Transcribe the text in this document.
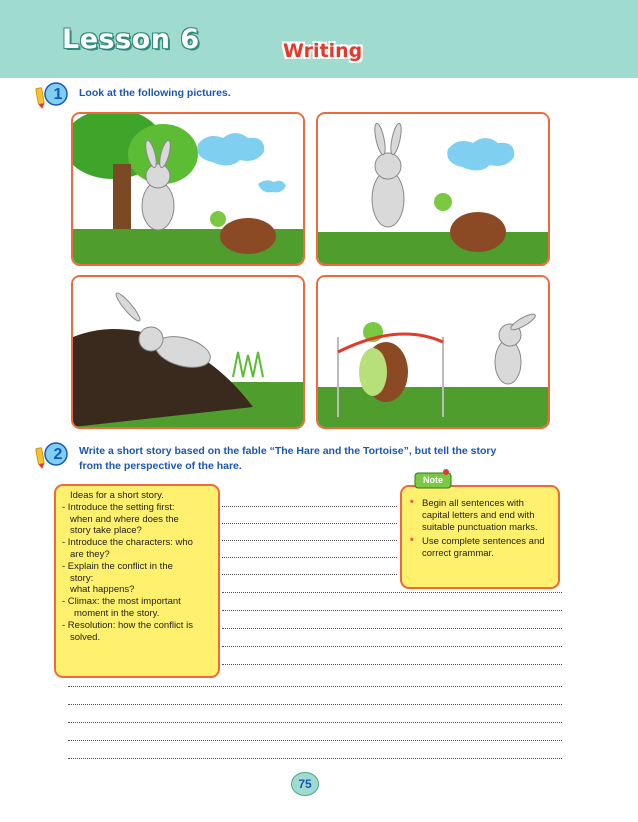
Lesson 6	Writing
1	Look at the following pictures.
2	Write a short story based on the fable “The Hare and the Tortoise”, but tell the story
from the perspective of the hare.
Ideas for a short story.
- Introduce the setting first:
when and where does the
story take place?
- Introduce the characters: who
are they?
- Explain the conflict in the
story:
what happens?
- Climax: the most important
moment in the story.
- Resolution: how the conflict is
solved.
* Begin all sentences with capital letters and end with suitable punctuation marks.
* Use complete sentences and correct grammar.
Note
75
